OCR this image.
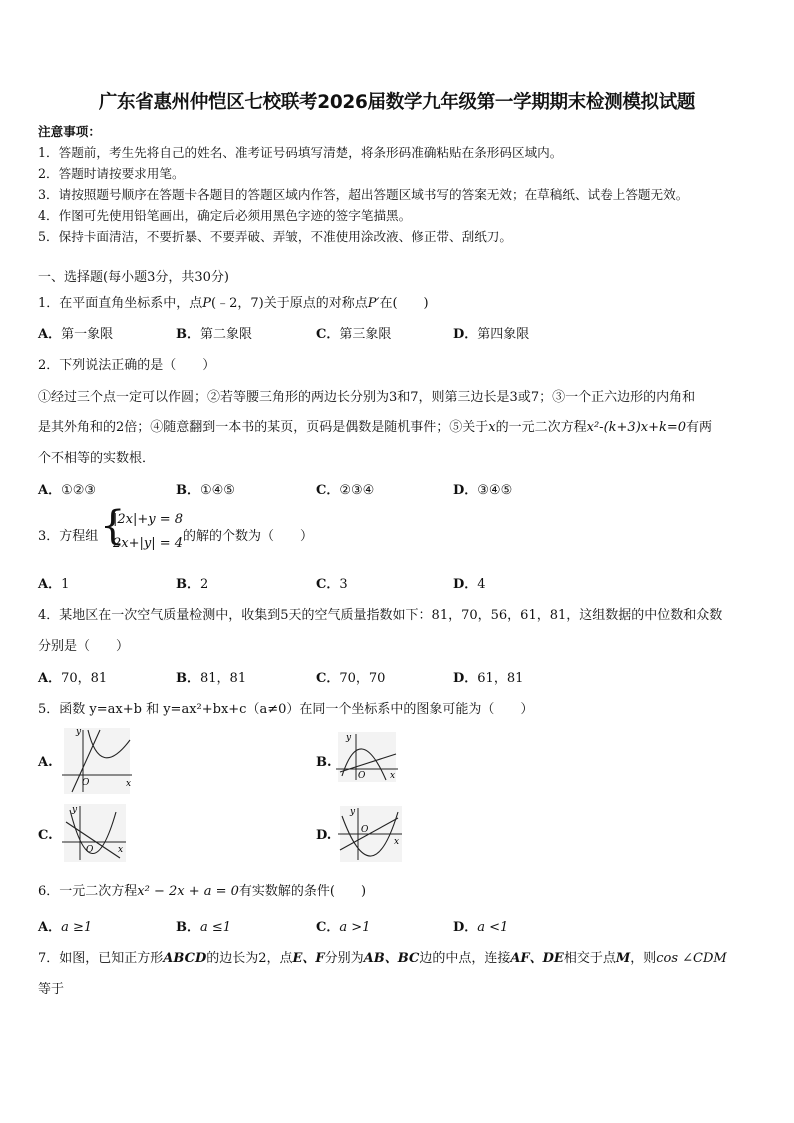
广东省惠州仲恺区七校联考2026届数学九年级第一学期期末检测模拟试题
注意事项：
1．答题前，考生先将自己的姓名、准考证号码填写清楚，将条形码准确粘贴在条形码区域内。
2．答题时请按要求用笔。
3．请按照题号顺序在答题卡各题目的答题区域内作答，超出答题区域书写的答案无效；在草稿纸、试卷上答题无效。
4．作图可先使用铅笔画出，确定后必须用黑色字迹的签字笔描黑。
5．保持卡面清洁，不要折暴、不要弄破、弄皱，不准使用涂改液、修正带、刮纸刀。
一、选择题(每小题3分，共30分)
1．在平面直角坐标系中，点P(﹣2，7)关于原点的对称点P′在(　　)
A．第一象限	B．第二象限	C．第三象限	D．第四象限
2．下列说法正确的是（　　）
①经过三个点一定可以作圆；②若等腰三角形的两边长分别为3和7，则第三边长是3或7；③一个正六边形的内角和
是其外角和的2倍；④随意翻到一本书的某页，页码是偶数是随机事件；⑤关于x的一元二次方程x²-(k+3)x+k=0有两
个不相等的实数根．
A．①②③	B．①④⑤	C．②③④	D．③④⑤
3．方程组 {
|2x|+y = 8
2x+|y| = 4 的解的个数为（　　）
A．1	B．2	C．3	D．4
4．某地区在一次空气质量检测中，收集到5天的空气质量指数如下：81，70，56，61，81，这组数据的中位数和众数
分别是（　　）
A．70，81	B．81，81	C．70，70	D．61，81
5．函数 y=ax+b 和 y=ax²+bx+c（a≠0）在同一个坐标系中的图象可能为（　　）
A.
y
x
O
B.
y
x
O
C.
y
x
O
D.
y
x
O
6．一元二次方程x² − 2x + a = 0有实数解的条件(　　)
A．a ≥1	B．a ≤1	C．a >1	D．a <1
7．如图，已知正方形ABCD的边长为2，点E、F分别为AB、BC边的中点，连接AF、DE相交于点M，则cos ∠CDM
等于
